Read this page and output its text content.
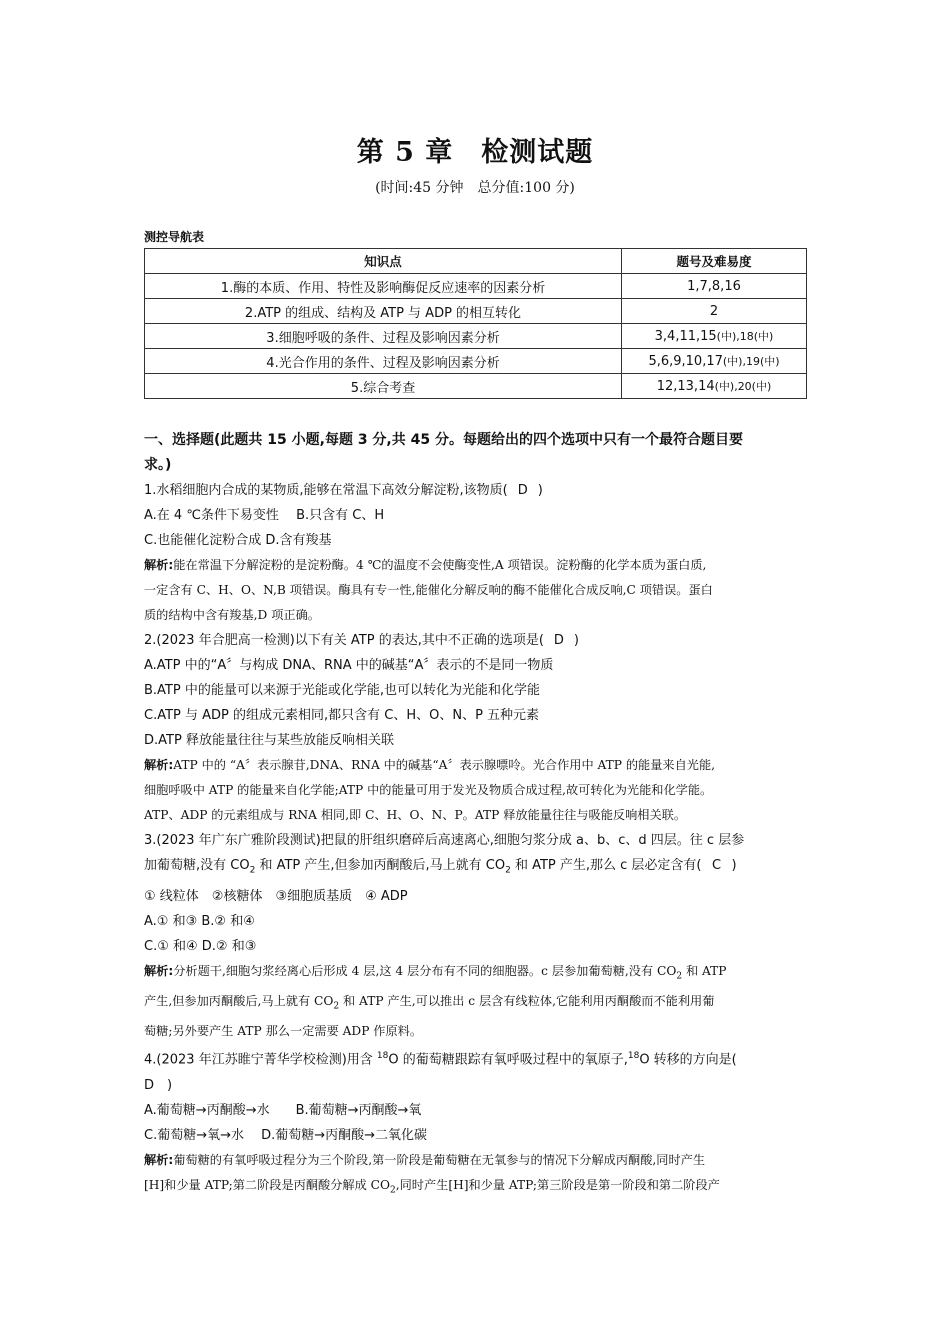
第 5 章　检测试题
(时间:45 分钟　总分值:100 分)
测控导航表
知识点	题号及难易度
1.酶的本质、作用、特性及影响酶促反应速率的因素分析	1,7,8,16
2.ATP 的组成、结构及 ATP 与 ADP 的相互转化	2
3.细胞呼吸的条件、过程及影响因素分析	3,4,11,15(中),18(中)
4.光合作用的条件、过程及影响因素分析	5,6,9,10,17(中),19(中)
5.综合考查	12,13,14(中),20(中)
一、选择题(此题共 15 小题,每题 3 分,共 45 分。每题给出的四个选项中只有一个最符合题目要
求。)
1.水稻细胞内合成的某物质,能够在常温下高效分解淀粉,该物质( D )
A.在 4 ℃条件下易变性　 B.只含有 C、H
C.也能催化淀粉合成 D.含有羧基
解析:能在常温下分解淀粉的是淀粉酶。4 ℃的温度不会使酶变性,A 项错误。淀粉酶的化学本质为蛋白质,
一定含有 C、H、O、N,B 项错误。酶具有专一性,能催化分解反响的酶不能催化合成反响,C 项错误。蛋白
质的结构中含有羧基,D 项正确。
2.(2023 年合肥高一检测)以下有关 ATP 的表达,其中不正确的选项是( D )
A.ATP 中的“A〞与构成 DNA、RNA 中的碱基“A〞表示的不是同一物质
B.ATP 中的能量可以来源于光能或化学能,也可以转化为光能和化学能
C.ATP 与 ADP 的组成元素相同,都只含有 C、H、O、N、P 五种元素
D.ATP 释放能量往往与某些放能反响相关联
解析:ATP 中的 “A〞表示腺苷,DNA、RNA 中的碱基“A〞表示腺嘌呤。光合作用中 ATP 的能量来自光能,
细胞呼吸中 ATP 的能量来自化学能;ATP 中的能量可用于发光及物质合成过程,故可转化为光能和化学能。
ATP、ADP 的元素组成与 RNA 相同,即 C、H、O、N、P。ATP 释放能量往往与吸能反响相关联。
3.(2023 年广东广雅阶段测试)把鼠的肝组织磨碎后高速离心,细胞匀浆分成 a、b、c、d 四层。往 c 层参
加葡萄糖,没有 $CO_2$ 和 ATP 产生,但参加丙酮酸后,马上就有 $CO_2$ 和 ATP 产生,那么 c 层必定含有( C )
① 线粒体　②核糖体　③细胞质基质　④ ADP
A.① 和③ B.② 和④
C.① 和④ D.② 和③
解析:分析题干,细胞匀浆经离心后形成 4 层,这 4 层分布有不同的细胞器。c 层参加葡萄糖,没有 $CO_2$ 和 ATP
产生,但参加丙酮酸后,马上就有 $CO_2$ 和 ATP 产生,可以推出 c 层含有线粒体,它能利用丙酮酸而不能利用葡
萄糖;另外要产生 ATP 那么一定需要 ADP 作原料。
4.(2023 年江苏睢宁菁华学校检测)用含 $^{18}$O 的葡萄糖跟踪有氧呼吸过程中的氧原子,$^{18}$O 转移的方向是(
D　 )
A.葡萄糖→丙酮酸→水　　B.葡萄糖→丙酮酸→氧
C.葡萄糖→氧→水　 D.葡萄糖→丙酮酸→二氧化碳
解析:葡萄糖的有氧呼吸过程分为三个阶段,第一阶段是葡萄糖在无氧参与的情况下分解成丙酮酸,同时产生
[H]和少量 ATP;第二阶段是丙酮酸分解成 $CO_2$,同时产生[H]和少量 ATP;第三阶段是第一阶段和第二阶段产
